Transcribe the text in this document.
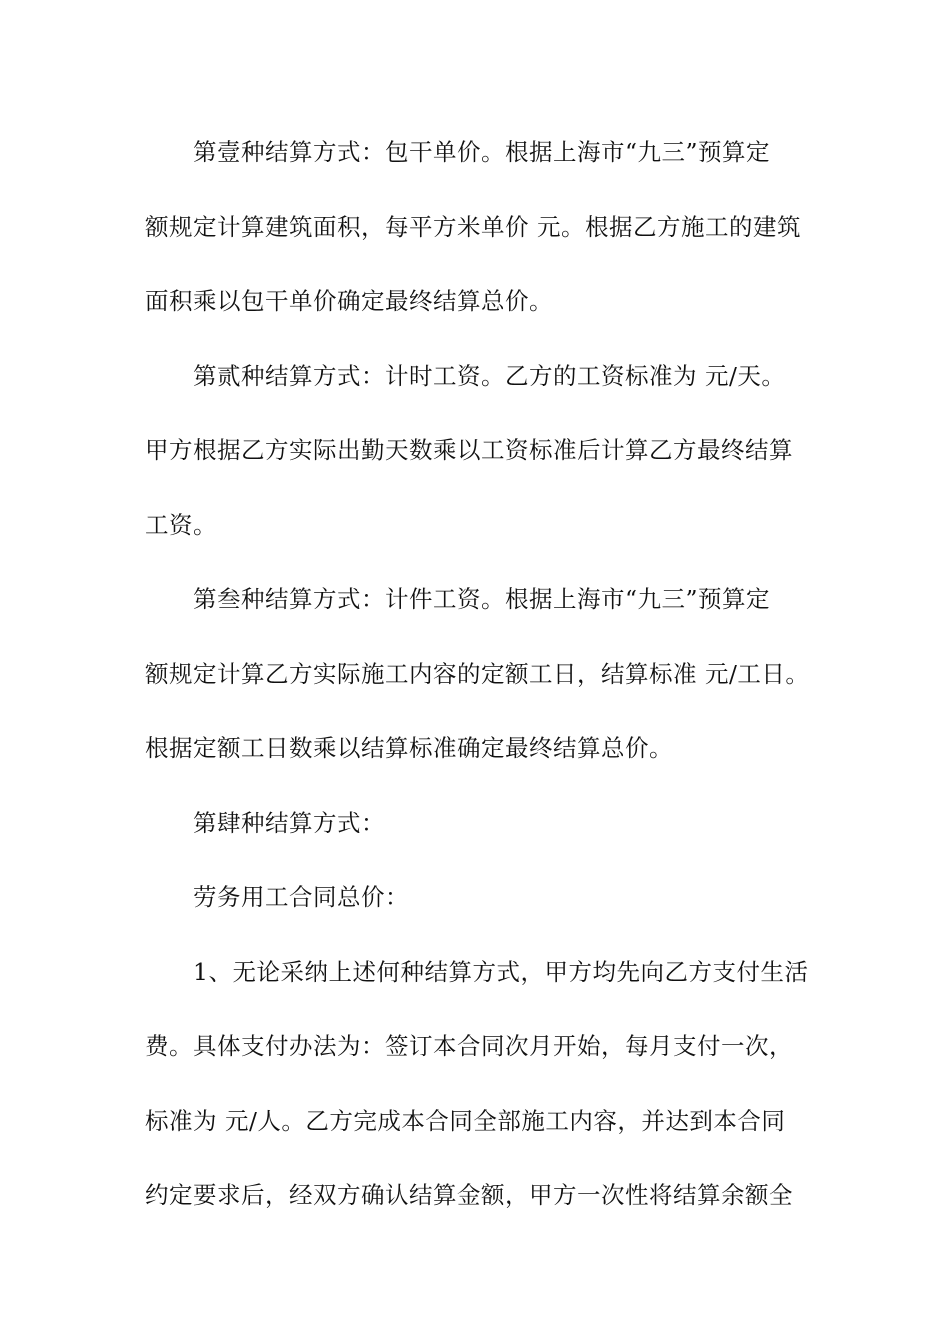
第壹种结算方式：包干单价。根据上海市“九三”预算定
额规定计算建筑面积，每平方米单价 元。根据乙方施工的建筑
面积乘以包干单价确定最终结算总价。
第贰种结算方式：计时工资。乙方的工资标准为 元/天。
甲方根据乙方实际出勤天数乘以工资标准后计算乙方最终结算
工资。
第叁种结算方式：计件工资。根据上海市“九三”预算定
额规定计算乙方实际施工内容的定额工日，结算标准 元/工日。
根据定额工日数乘以结算标准确定最终结算总价。
第肆种结算方式：
劳务用工合同总价：
1、无论采纳上述何种结算方式，甲方均先向乙方支付生活
费。具体支付办法为：签订本合同次月开始，每月支付一次，
标准为 元/人。乙方完成本合同全部施工内容，并达到本合同
约定要求后，经双方确认结算金额，甲方一次性将结算余额全
